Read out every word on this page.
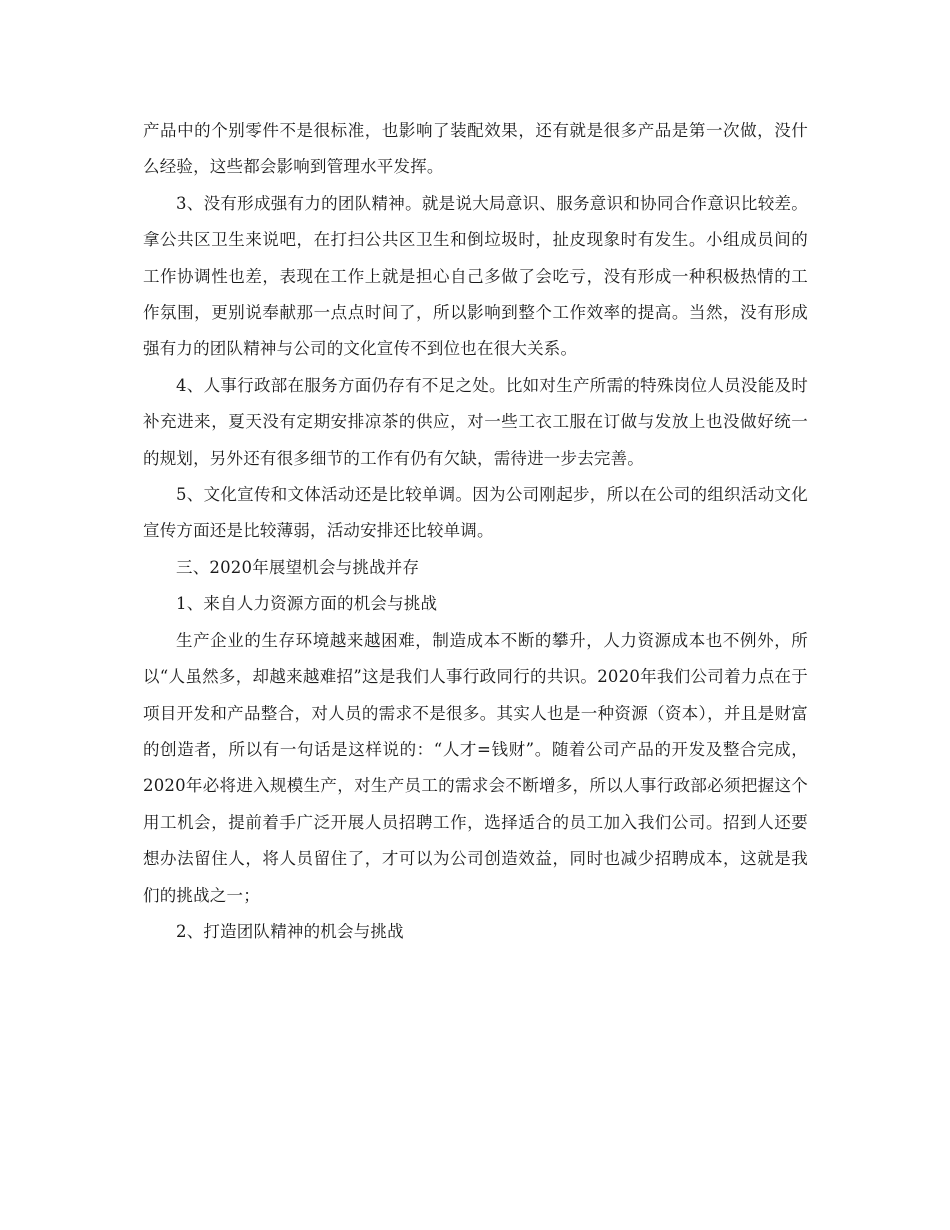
产品中的个别零件不是很标准，也影响了装配效果，还有就是很多产品是第一次做，没什么经验，这些都会影响到管理水平发挥。

3、没有形成强有力的团队精神。就是说大局意识、服务意识和协同合作意识比较差。拿公共区卫生来说吧，在打扫公共区卫生和倒垃圾时，扯皮现象时有发生。小组成员间的工作协调性也差，表现在工作上就是担心自己多做了会吃亏，没有形成一种积极热情的工作氛围，更别说奉献那一点点时间了，所以影响到整个工作效率的提高。当然，没有形成强有力的团队精神与公司的文化宣传不到位也在很大关系。

4、人事行政部在服务方面仍存有不足之处。比如对生产所需的特殊岗位人员没能及时补充进来，夏天没有定期安排凉茶的供应，对一些工衣工服在订做与发放上也没做好统一的规划，另外还有很多细节的工作有仍有欠缺，需待进一步去完善。

5、文化宣传和文体活动还是比较单调。因为公司刚起步，所以在公司的组织活动文化宣传方面还是比较薄弱，活动安排还比较单调。

三、2020年展望机会与挑战并存

1、来自人力资源方面的机会与挑战

生产企业的生存环境越来越困难，制造成本不断的攀升，人力资源成本也不例外，所以“人虽然多，却越来越难招”这是我们人事行政同行的共识。2020年我们公司着力点在于项目开发和产品整合，对人员的需求不是很多。其实人也是一种资源（资本），并且是财富的创造者，所以有一句话是这样说的：“人才=钱财”。随着公司产品的开发及整合完成，2020年必将进入规模生产，对生产员工的需求会不断增多，所以人事行政部必须把握这个用工机会，提前着手广泛开展人员招聘工作，选择适合的员工加入我们公司。招到人还要想办法留住人，将人员留住了，才可以为公司创造效益，同时也减少招聘成本，这就是我们的挑战之一；

2、打造团队精神的机会与挑战
